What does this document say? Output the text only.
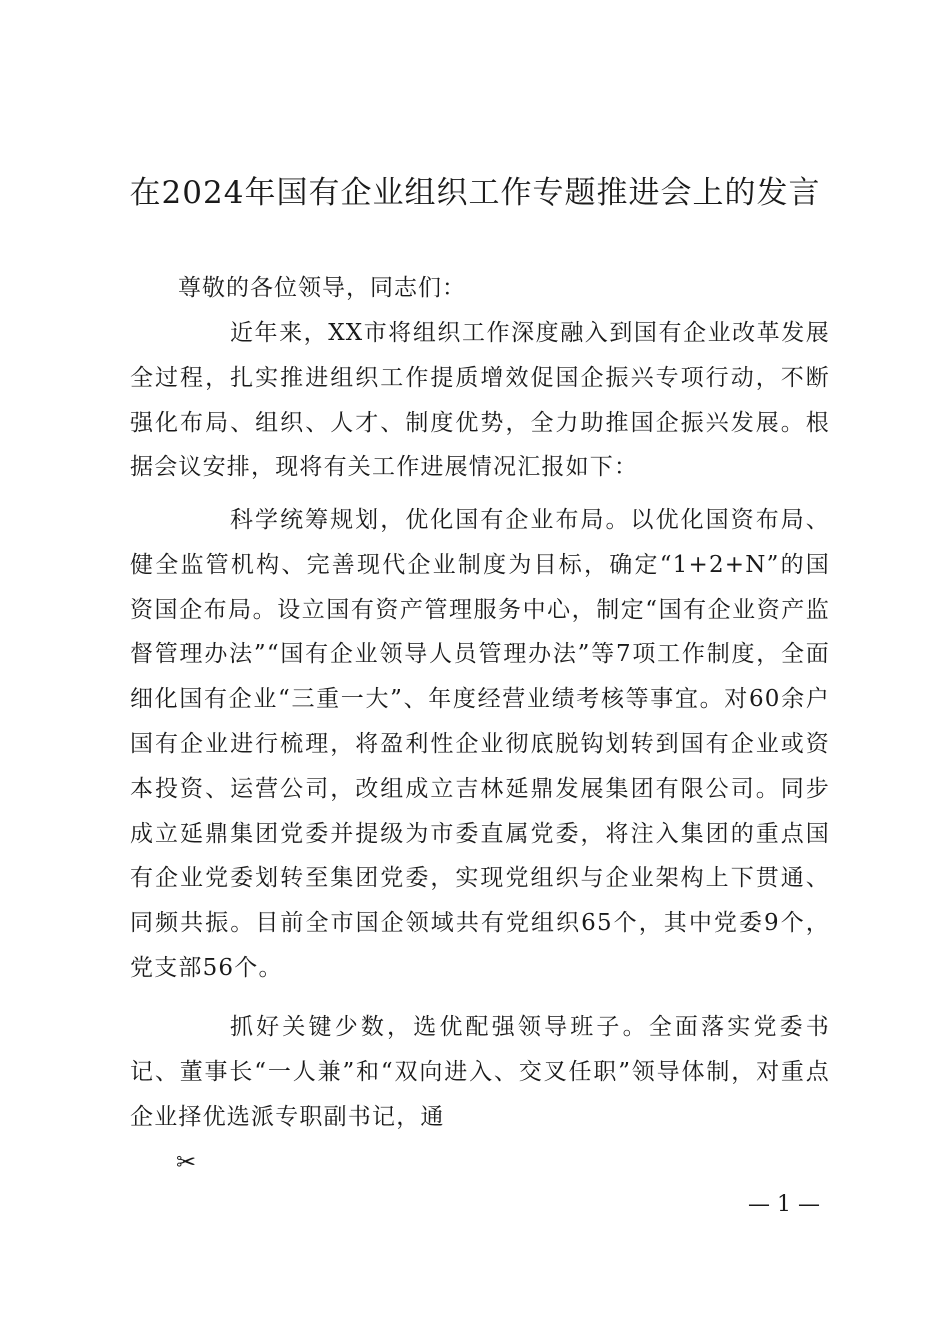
在2024年国有企业组织工作专题推进会上的发言
尊敬的各位领导，同志们：

近年来，XX市将组织工作深度融入到国有企业改革发展全过程，扎实推进组织工作提质增效促国企振兴专项行动，不断强化布局、组织、人才、制度优势，全力助推国企振兴发展。根据会议安排，现将有关工作进展情况汇报如下：

科学统筹规划，优化国有企业布局。以优化国资布局、健全监管机构、完善现代企业制度为目标，确定“1+2+N”的国资国企布局。设立国有资产管理服务中心，制定“国有企业资产监督管理办法”“国有企业领导人员管理办法”等7项工作制度，全面细化国有企业“三重一大”、年度经营业绩考核等事宜。对60余户国有企业进行梳理，将盈利性企业彻底脱钩划转到国有企业或资本投资、运营公司，改组成立吉林延鼎发展集团有限公司。同步成立延鼎集团党委并提级为市委直属党委，将注入集团的重点国有企业党委划转至集团党委，实现党组织与企业架构上下贯通、同频共振。目前全市国企领域共有党组织65个，其中党委9个，党支部56个。

抓好关键少数，选优配强领导班子。全面落实党委书记、董事长“一人兼”和“双向进入、交叉任职”领导体制，对重点企业择优选派专职副书记，通

✂
— 1 —
